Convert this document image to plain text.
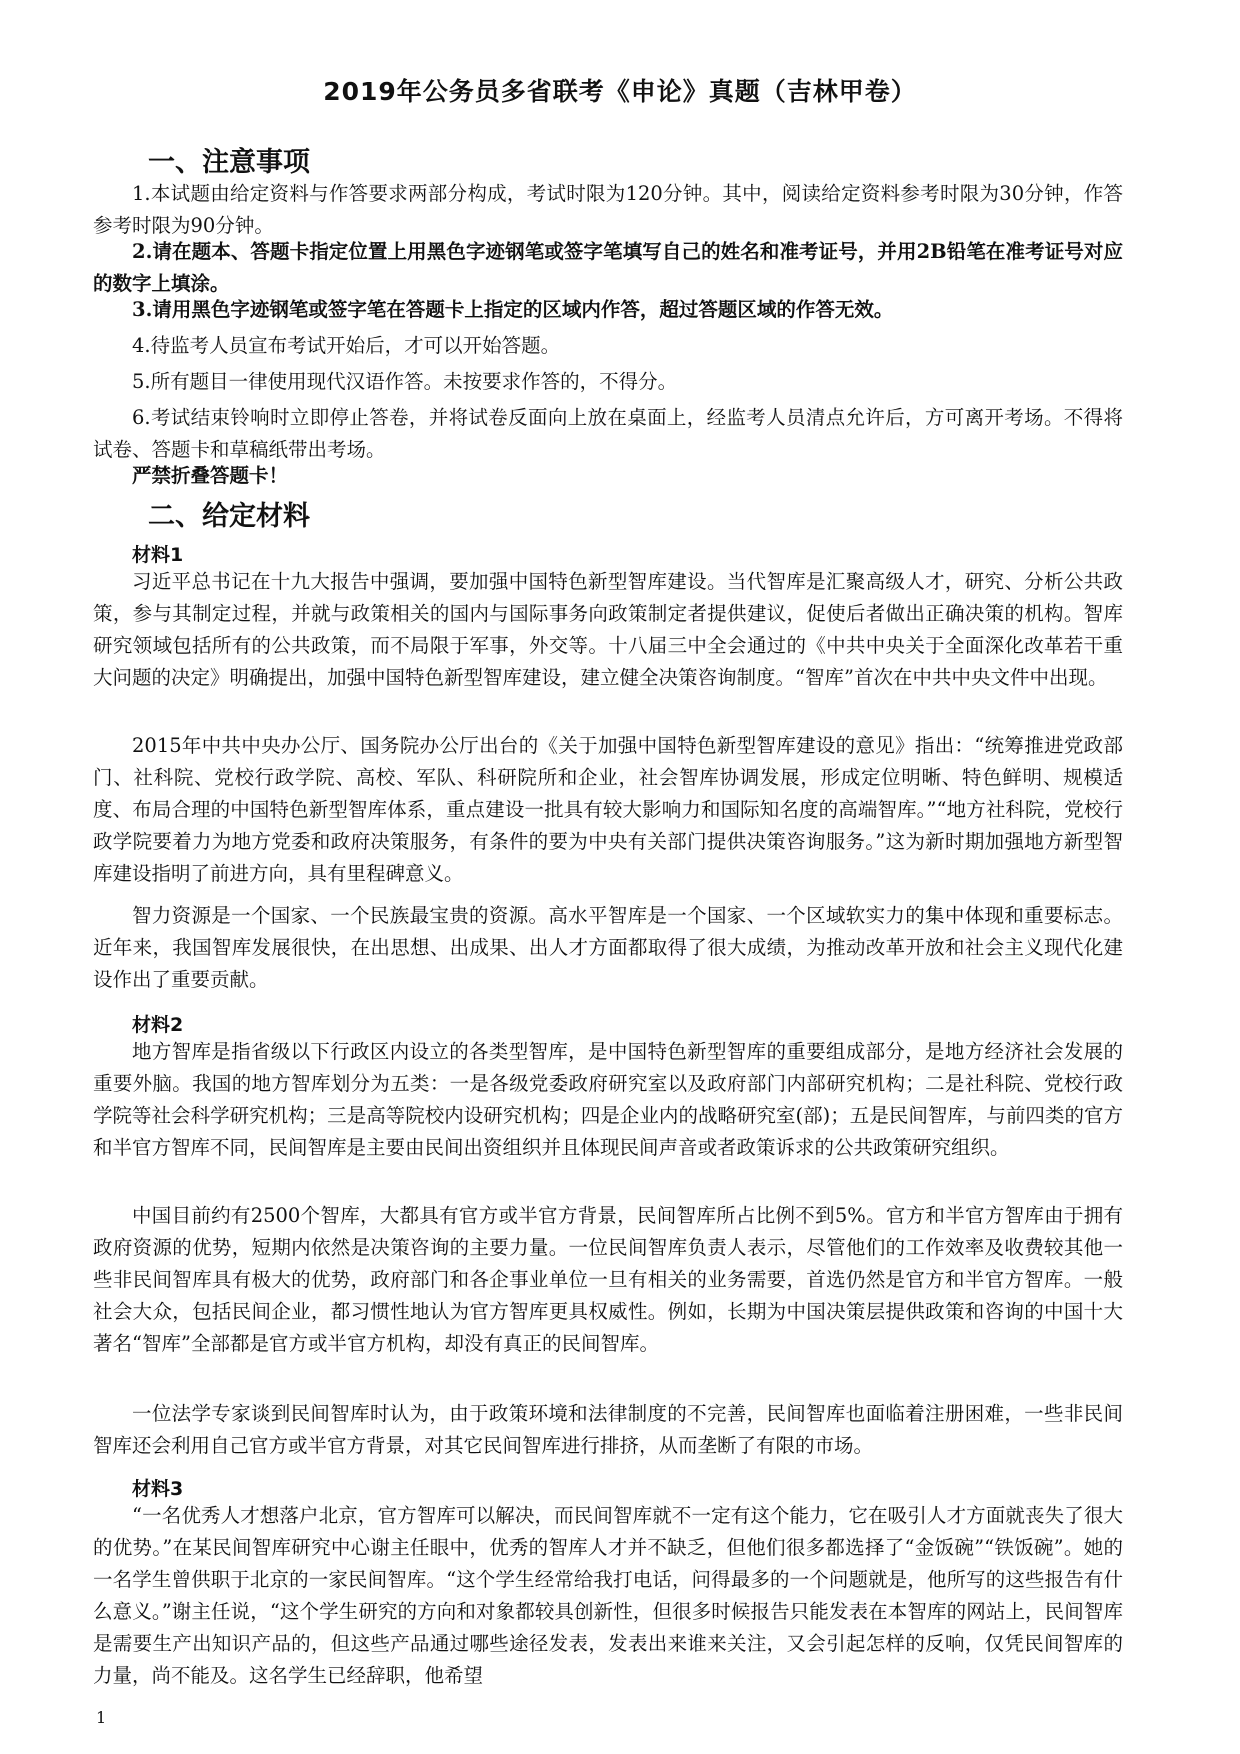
2019年公务员多省联考《申论》真题（吉林甲卷）
一、注意事项

1.本试题由给定资料与作答要求两部分构成，考试时限为120分钟。其中，阅读给定资料参考时限为30分钟，作答参考时限为90分钟。

2.请在题本、答题卡指定位置上用黑色字迹钢笔或签字笔填写自己的姓名和准考证号，并用2B铅笔在准考证号对应的数字上填涂。

3.请用黑色字迹钢笔或签字笔在答题卡上指定的区域内作答，超过答题区域的作答无效。

4.待监考人员宣布考试开始后，才可以开始答题。

5.所有题目一律使用现代汉语作答。未按要求作答的，不得分。

6.考试结束铃响时立即停止答卷，并将试卷反面向上放在桌面上，经监考人员清点允许后，方可离开考场。不得将试卷、答题卡和草稿纸带出考场。

严禁折叠答题卡！

二、给定材料
材料1

习近平总书记在十九大报告中强调，要加强中国特色新型智库建设。当代智库是汇聚高级人才，研究、分析公共政策，参与其制定过程，并就与政策相关的国内与国际事务向政策制定者提供建议，促使后者做出正确决策的机构。智库研究领域包括所有的公共政策，而不局限于军事，外交等。十八届三中全会通过的《中共中央关于全面深化改革若干重大问题的决定》明确提出，加强中国特色新型智库建设，建立健全决策咨询制度。“智库”首次在中共中央文件中出现。

2015年中共中央办公厅、国务院办公厅出台的《关于加强中国特色新型智库建设的意见》指出：“统筹推进党政部门、社科院、党校行政学院、高校、军队、科研院所和企业，社会智库协调发展，形成定位明晰、特色鲜明、规模适度、布局合理的中国特色新型智库体系，重点建设一批具有较大影响力和国际知名度的高端智库。”“地方社科院，党校行政学院要着力为地方党委和政府决策服务，有条件的要为中央有关部门提供决策咨询服务。”这为新时期加强地方新型智库建设指明了前进方向，具有里程碑意义。

智力资源是一个国家、一个民族最宝贵的资源。高水平智库是一个国家、一个区域软实力的集中体现和重要标志。近年来，我国智库发展很快，在出思想、出成果、出人才方面都取得了很大成绩，为推动改革开放和社会主义现代化建设作出了重要贡献。

材料2

地方智库是指省级以下行政区内设立的各类型智库，是中国特色新型智库的重要组成部分，是地方经济社会发展的重要外脑。我国的地方智库划分为五类：一是各级党委政府研究室以及政府部门内部研究机构；二是社科院、党校行政学院等社会科学研究机构；三是高等院校内设研究机构；四是企业内的战略研究室(部)；五是民间智库，与前四类的官方和半官方智库不同，民间智库是主要由民间出资组织并且体现民间声音或者政策诉求的公共政策研究组织。

中国目前约有2500个智库，大都具有官方或半官方背景，民间智库所占比例不到5%。官方和半官方智库由于拥有政府资源的优势，短期内依然是决策咨询的主要力量。一位民间智库负责人表示，尽管他们的工作效率及收费较其他一些非民间智库具有极大的优势，政府部门和各企事业单位一旦有相关的业务需要，首选仍然是官方和半官方智库。一般社会大众，包括民间企业，都习惯性地认为官方智库更具权威性。例如，长期为中国决策层提供政策和咨询的中国十大著名“智库”全部都是官方或半官方机构，却没有真正的民间智库。

一位法学专家谈到民间智库时认为，由于政策环境和法律制度的不完善，民间智库也面临着注册困难，一些非民间智库还会利用自己官方或半官方背景，对其它民间智库进行排挤，从而垄断了有限的市场。

材料3

“一名优秀人才想落户北京，官方智库可以解决，而民间智库就不一定有这个能力，它在吸引人才方面就丧失了很大的优势。”在某民间智库研究中心谢主任眼中，优秀的智库人才并不缺乏，但他们很多都选择了“金饭碗”“铁饭碗”。她的一名学生曾供职于北京的一家民间智库。“这个学生经常给我打电话，问得最多的一个问题就是，他所写的这些报告有什么意义。”谢主任说，“这个学生研究的方向和对象都较具创新性，但很多时候报告只能发表在本智库的网站上，民间智库是需要生产出知识产品的，但这些产品通过哪些途径发表，发表出来谁来关注，又会引起怎样的反响，仅凭民间智库的力量，尚不能及。这名学生已经辞职，他希望

1
